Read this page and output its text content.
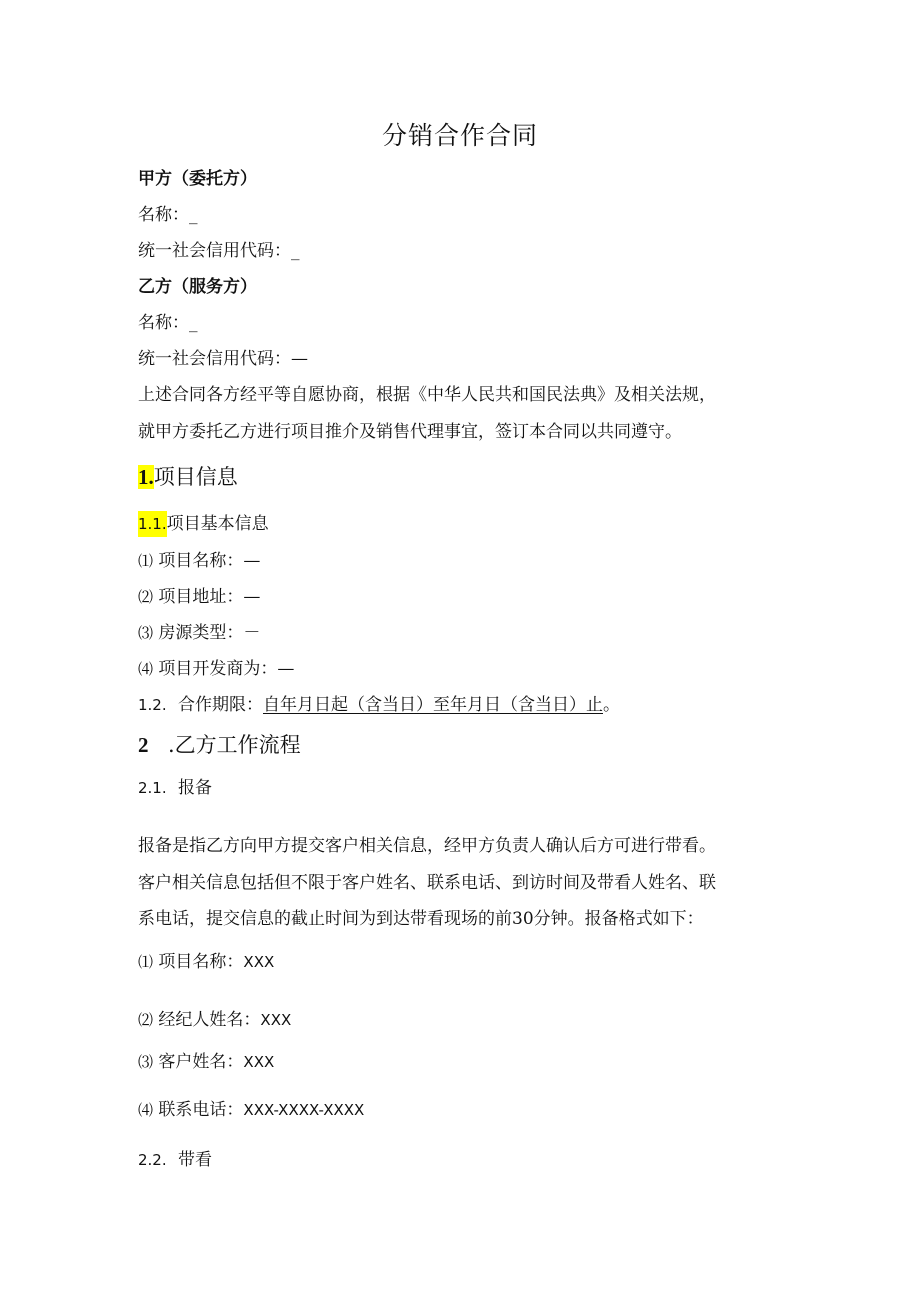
分销合作合同
甲方（委托方）
名称：_
统一社会信用代码：_
乙方（服务方）
名称：_
统一社会信用代码：—
上述合同各方经平等自愿协商，根据《中华人民共和国民法典》及相关法规，
就甲方委托乙方进行项目推介及销售代理事宜，签订本合同以共同遵守。
1.项目信息
1.1.项目基本信息
⑴ 项目名称：—
⑵ 项目地址：—
⑶ 房源类型：－
⑷ 项目开发商为：—
1.2. 合作期限：自年月日起（含当日）至年月日（含当日）止。
2 .乙方工作流程
2.1. 报备
报备是指乙方向甲方提交客户相关信息，经甲方负责人确认后方可进行带看。
客户相关信息包括但不限于客户姓名、联系电话、到访时间及带看人姓名、联
系电话，提交信息的截止时间为到达带看现场的前30分钟。报备格式如下：
⑴ 项目名称：XXX
⑵ 经纪人姓名：XXX
⑶ 客户姓名：XXX
⑷ 联系电话：XXX-XXXX-XXXX
2.2. 带看
